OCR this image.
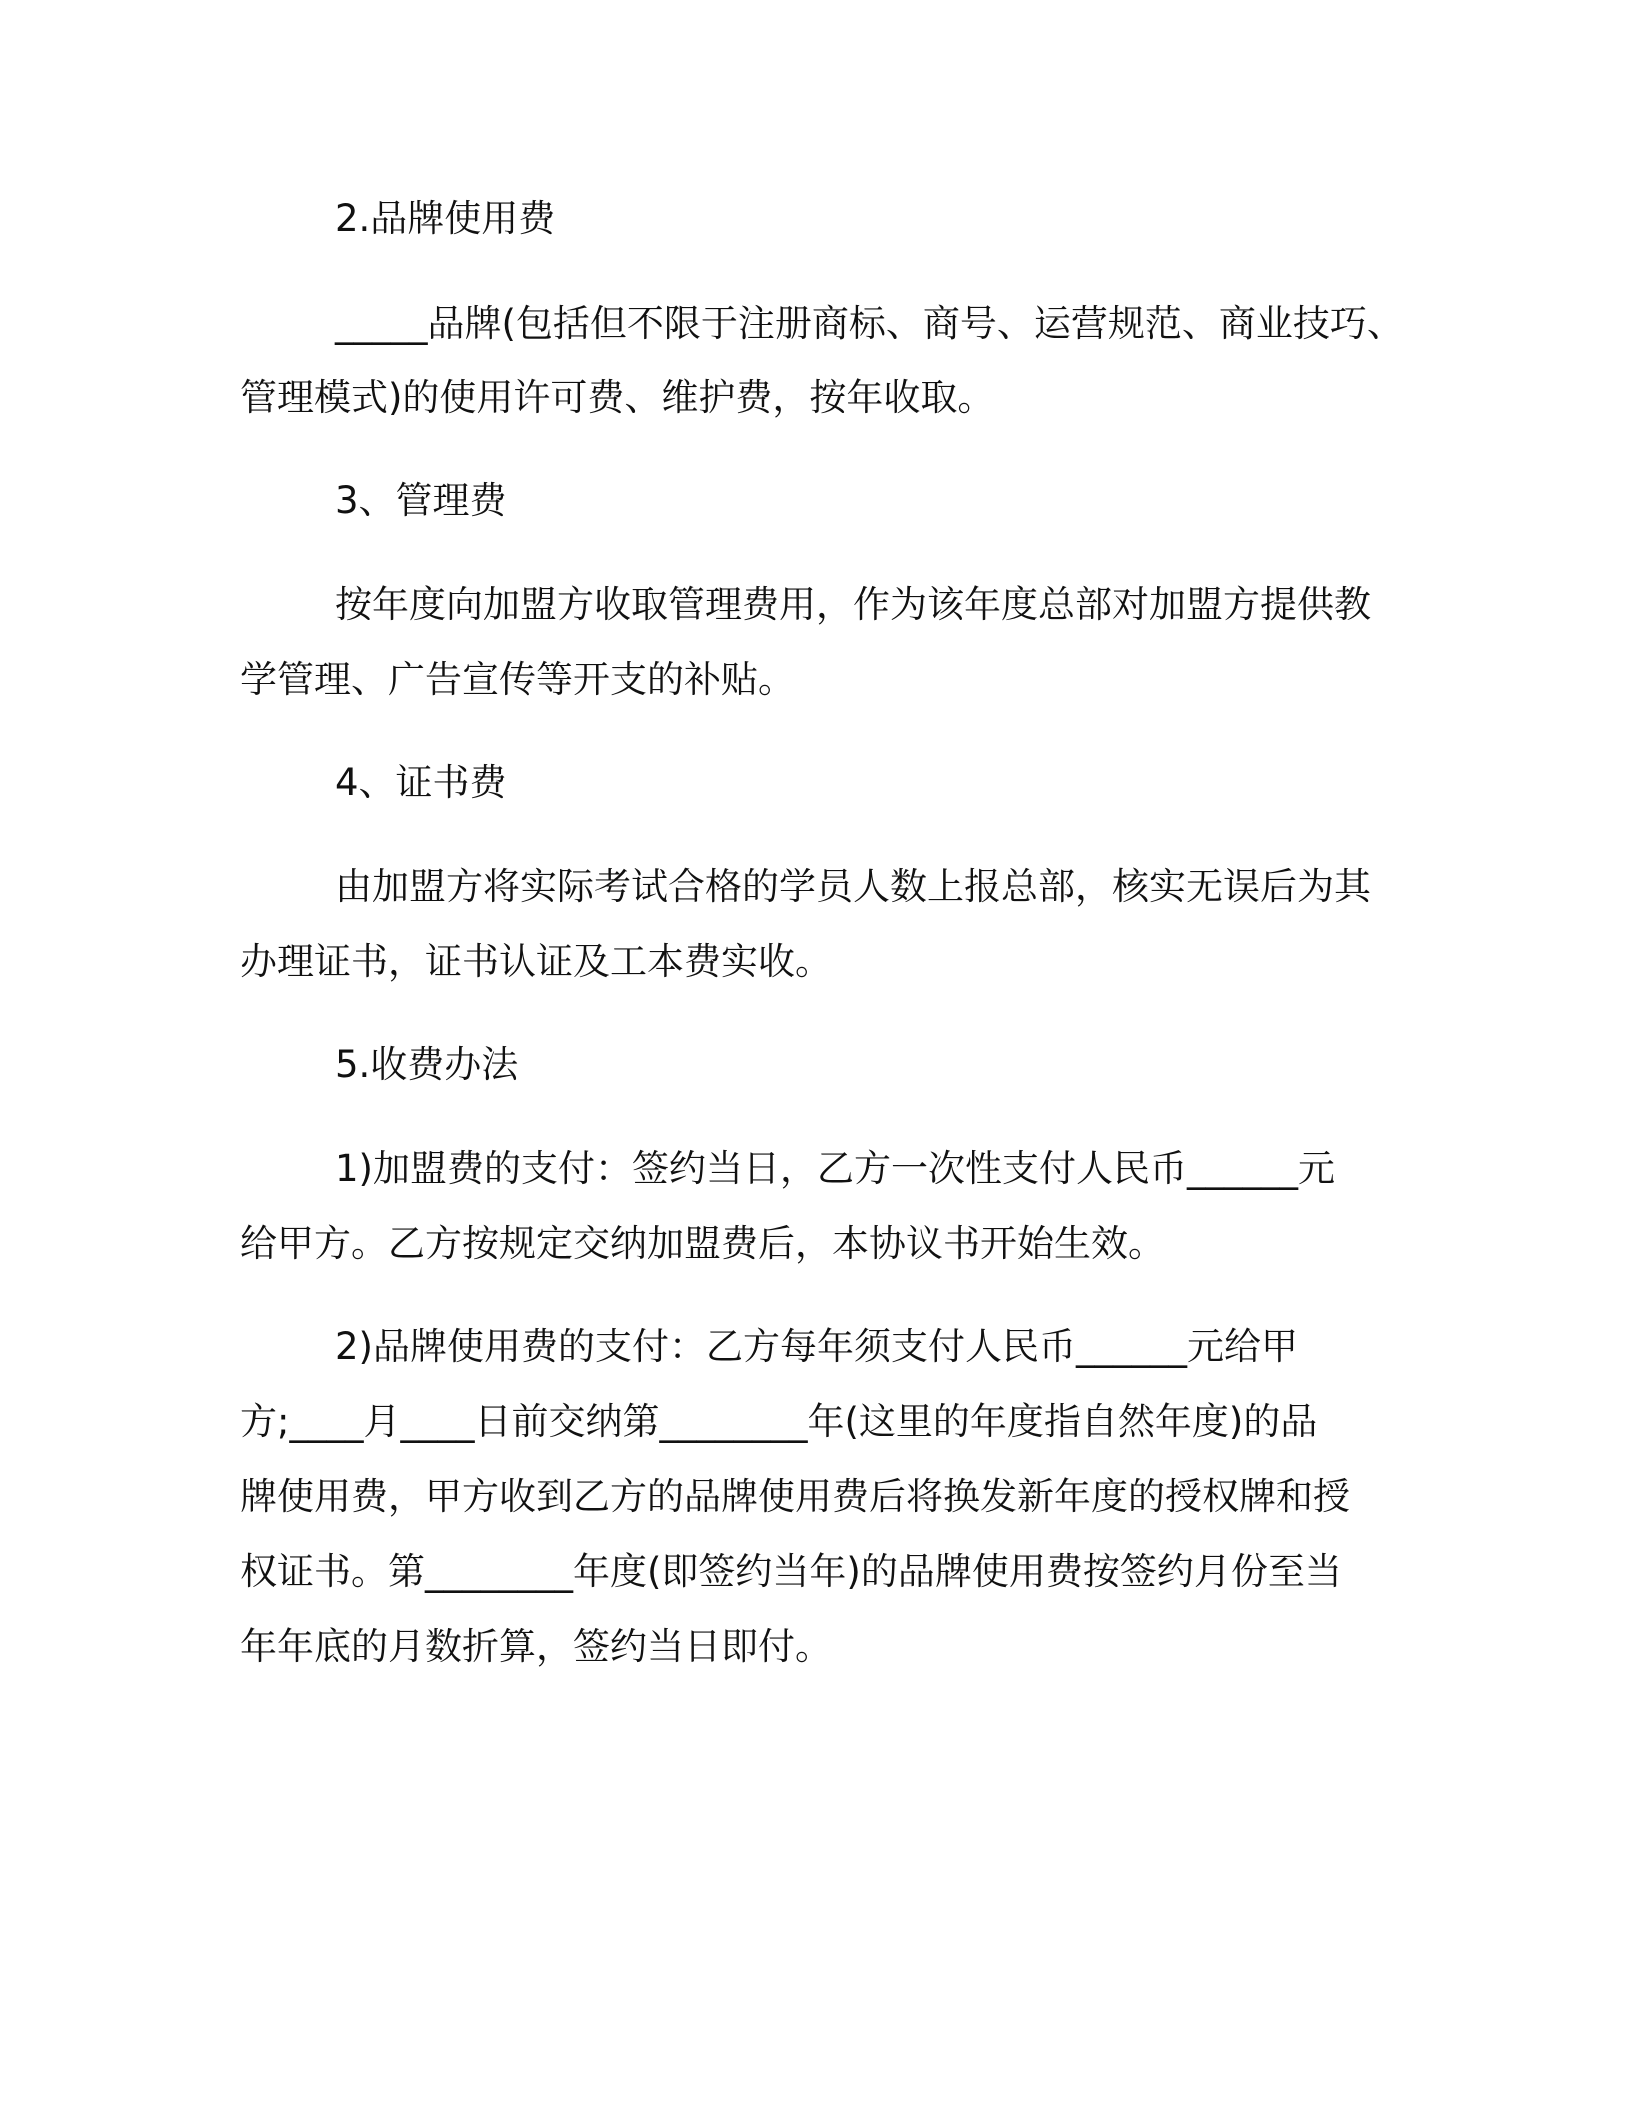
2.品牌使用费
_____品牌(包括但不限于注册商标、商号、运营规范、商业技巧、
管理模式)的使用许可费、维护费，按年收取。
3、管理费
按年度向加盟方收取管理费用，作为该年度总部对加盟方提供教
学管理、广告宣传等开支的补贴。
4、证书费
由加盟方将实际考试合格的学员人数上报总部，核实无误后为其
办理证书，证书认证及工本费实收。
5.收费办法
1)加盟费的支付：签约当日，乙方一次性支付人民币______元
给甲方。乙方按规定交纳加盟费后，本协议书开始生效。
2)品牌使用费的支付：乙方每年须支付人民币______元给甲
方;____月____日前交纳第________年(这里的年度指自然年度)的品
牌使用费，甲方收到乙方的品牌使用费后将换发新年度的授权牌和授
权证书。第________年度(即签约当年)的品牌使用费按签约月份至当
年年底的月数折算，签约当日即付。
